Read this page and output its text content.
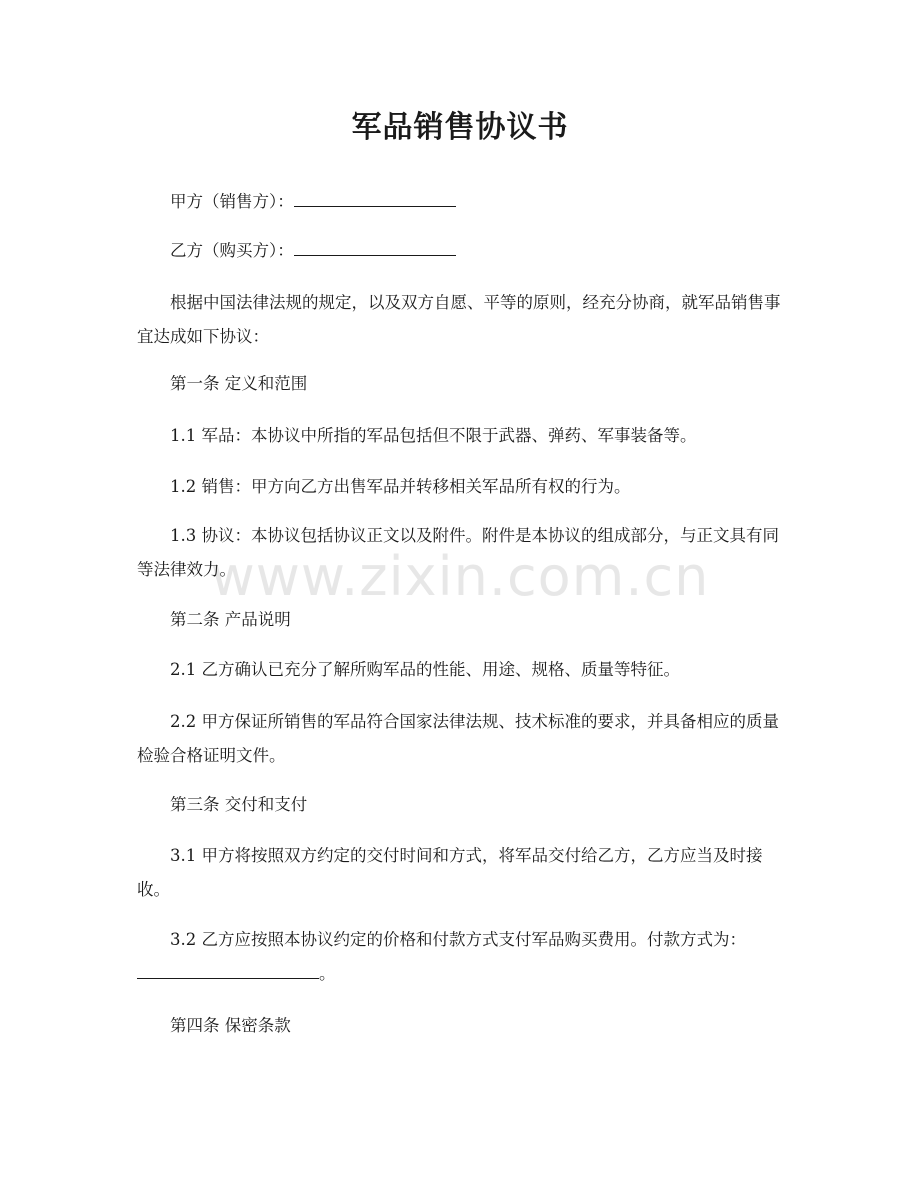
军品销售协议书

甲方（销售方）：

乙方（购买方）：

根据中国法律法规的规定，以及双方自愿、平等的原则，经充分协商，就军品销售事宜达成如下协议：

第一条 定义和范围

1.1 军品：本协议中所指的军品包括但不限于武器、弹药、军事装备等。

1.2 销售：甲方向乙方出售军品并转移相关军品所有权的行为。

1.3 协议：本协议包括协议正文以及附件。附件是本协议的组成部分，与正文具有同等法律效力。

第二条 产品说明

2.1 乙方确认已充分了解所购军品的性能、用途、规格、质量等特征。

2.2 甲方保证所销售的军品符合国家法律法规、技术标准的要求，并具备相应的质量检验合格证明文件。

第三条 交付和支付

3.1 甲方将按照双方约定的交付时间和方式，将军品交付给乙方，乙方应当及时接收。

3.2 乙方应按照本协议约定的价格和付款方式支付军品购买费用。付款方式为：。

第四条 保密条款

www.zixin.com.cn
